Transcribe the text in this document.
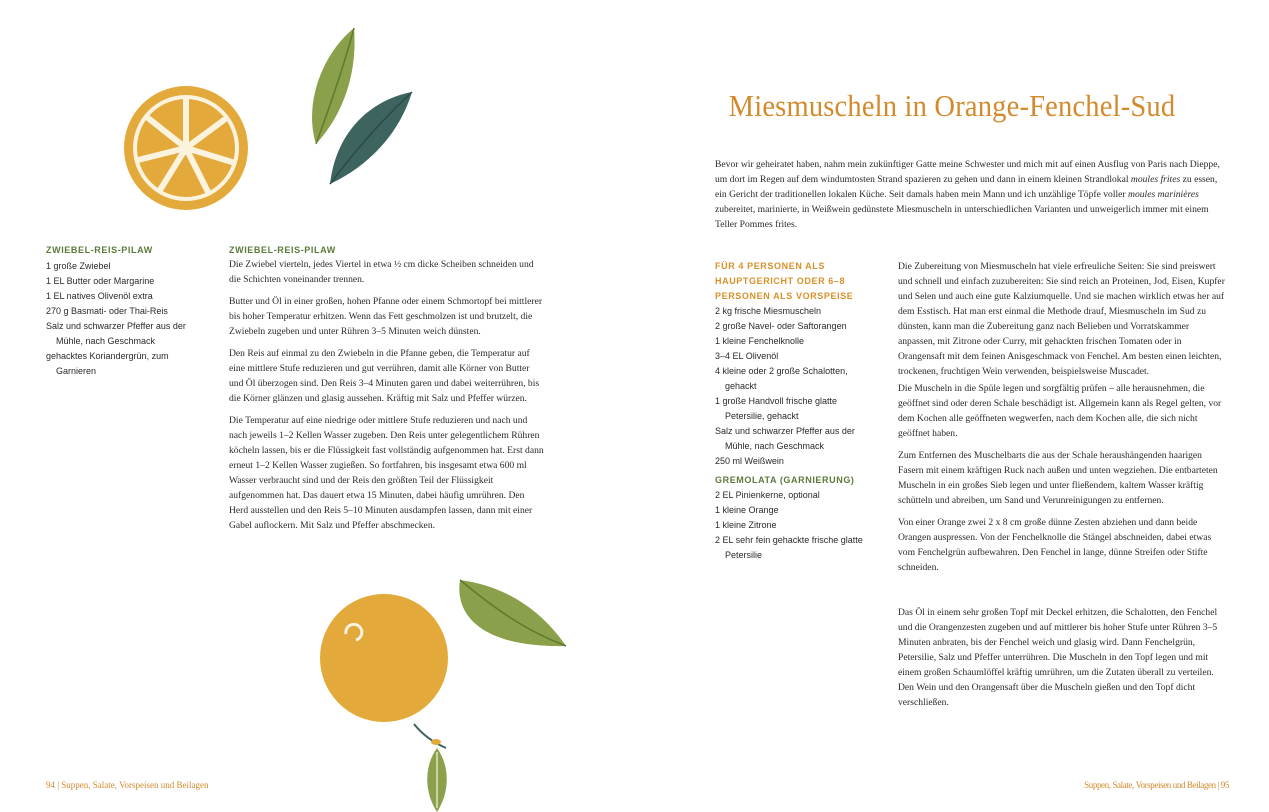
ZWIEBEL-REIS-PILAW
1 große Zwiebel
1 EL Butter oder Margarine
1 EL natives Olivenöl extra
270 g Basmati- oder Thai-Reis
Salz und schwarzer Pfeffer aus der Mühle, nach Geschmack
gehacktes Koriandergrün, zum Garnieren
ZWIEBEL-REIS-PILAW

Die Zwiebel vierteln, jedes Viertel in etwa ½ cm dicke Scheiben schneiden und die Schichten voneinander trennen.

Butter und Öl in einer großen, hohen Pfanne oder einem Schmortopf bei mittlerer bis hoher Temperatur erhitzen. Wenn das Fett geschmolzen ist und brutzelt, die Zwiebeln zugeben und unter Rühren 3–5 Minuten weich dünsten.

Den Reis auf einmal zu den Zwiebeln in die Pfanne geben, die Temperatur auf eine mittlere Stufe reduzieren und gut verrühren, damit alle Körner von Butter und Öl überzogen sind. Den Reis 3–4 Minuten garen und dabei weiterrühren, bis die Körner glänzen und glasig aussehen. Kräftig mit Salz und Pfeffer würzen.

Die Temperatur auf eine niedrige oder mittlere Stufe reduzieren und nach und nach jeweils 1–2 Kellen Wasser zugeben. Den Reis unter gelegentlichem Rühren köcheln lassen, bis er die Flüssigkeit fast vollständig aufgenommen hat. Erst dann erneut 1–2 Kellen Wasser zugießen. So fortfahren, bis insgesamt etwa 600 ml Wasser verbraucht sind und der Reis den größten Teil der Flüssigkeit aufgenommen hat. Das dauert etwa 15 Minuten, dabei häufig umrühren. Den Herd ausstellen und den Reis 5–10 Minuten ausdampfen lassen, dann mit einer Gabel auflockern. Mit Salz und Pfeffer abschmecken.

94 | Suppen, Salate, Vorspeisen und Beilagen
Miesmuscheln in Orange-Fenchel-Sud

Bevor wir geheiratet haben, nahm mein zukünftiger Gatte meine Schwester und mich mit auf einen Ausflug von Paris nach Dieppe, um dort im Regen auf dem windumtosten Strand spazieren zu gehen und dann in einem kleinen Strandlokal moules frites zu essen, ein Gericht der traditionellen lokalen Küche. Seit damals haben mein Mann und ich unzählige Töpfe voller moules marinières zubereitet, marinierte, in Weißwein gedünstete Miesmuscheln in unterschiedlichen Varianten und unweigerlich immer mit einem Teller Pommes frites.

FÜR 4 PERSONEN ALS HAUPTGERICHT ODER 6–8 PERSONEN ALS VORSPEISE
2 kg frische Miesmuscheln
2 große Navel- oder Saftorangen
1 kleine Fenchelknolle
3–4 EL Olivenöl
4 kleine oder 2 große Schalotten, gehackt
1 große Handvoll frische glatte Petersilie, gehackt
Salz und schwarzer Pfeffer aus der Mühle, nach Geschmack
250 ml Weißwein
GREMOLATA (GARNIERUNG)
2 EL Pinienkerne, optional
1 kleine Orange
1 kleine Zitrone
2 EL sehr fein gehackte frische glatte Petersilie

Die Zubereitung von Miesmuscheln hat viele erfreuliche Seiten: Sie sind preiswert und schnell und einfach zuzubereiten: Sie sind reich an Proteinen, Jod, Eisen, Kupfer und Selen und auch eine gute Kalziumquelle. Und sie machen wirklich etwas her auf dem Esstisch. Hat man erst einmal die Methode drauf, Miesmuscheln im Sud zu dünsten, kann man die Zubereitung ganz nach Belieben und Vorratskammer anpassen, mit Zitrone oder Curry, mit gehackten frischen Tomaten oder in Orangensaft mit dem feinen Anisgeschmack von Fenchel. Am besten einen leichten, trockenen, fruchtigen Wein verwenden, beispielsweise Muscadet.

Die Muscheln in die Spüle legen und sorgfältig prüfen – alle herausnehmen, die geöffnet sind oder deren Schale beschädigt ist. Allgemein kann als Regel gelten, vor dem Kochen alle geöffneten wegwerfen, nach dem Kochen alle, die sich nicht geöffnet haben.

Zum Entfernen des Muschelbarts die aus der Schale heraushängenden haarigen Fasern mit einem kräftigen Ruck nach außen und unten wegziehen. Die entbarteten Muscheln in ein großes Sieb legen und unter fließendem, kaltem Wasser kräftig schütteln und abreiben, um Sand und Verunreinigungen zu entfernen.

Von einer Orange zwei 2 x 8 cm große dünne Zesten abziehen und dann beide Orangen auspressen. Von der Fenchelknolle die Stängel abschneiden, dabei etwas vom Fenchelgrün aufbewahren. Den Fenchel in lange, dünne Streifen oder Stifte schneiden.

Das Öl in einem sehr großen Topf mit Deckel erhitzen, die Schalotten, den Fenchel und die Orangenzesten zugeben und auf mittlerer bis hoher Stufe unter Rühren 3–5 Minuten anbraten, bis der Fenchel weich und glasig wird. Dann Fenchelgrün, Petersilie, Salz und Pfeffer unterrühren. Die Muscheln in den Topf legen und mit einem großen Schaumlöffel kräftig umrühren, um die Zutaten überall zu verteilen. Den Wein und den Orangensaft über die Muscheln gießen und den Topf dicht verschließen.

Suppen, Salate, Vorspeisen und Beilagen | 95
